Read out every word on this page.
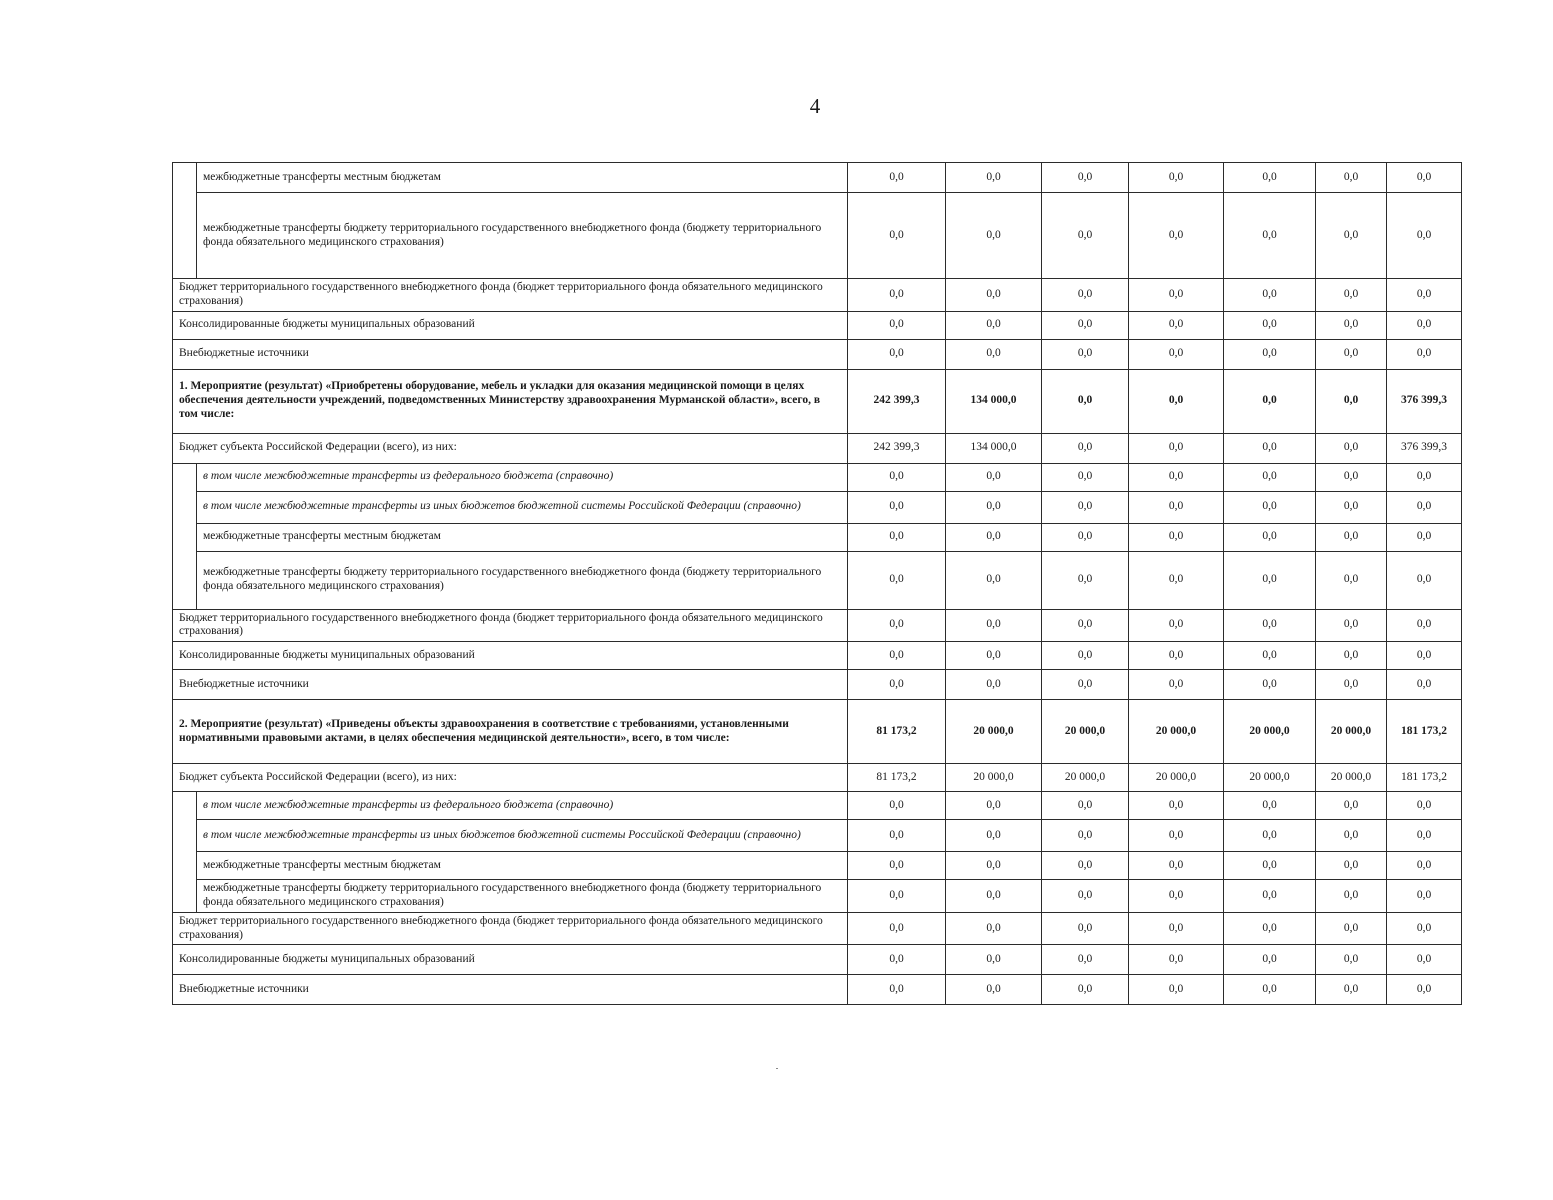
4
	межбюджетные трансферты местным бюджетам	0,0	0,0	0,0	0,0	0,0	0,0	0,0
	межбюджетные трансферты бюджету территориального государственного внебюджетного фонда (бюджету территориального фонда обязательного медицинского страхования)	0,0	0,0	0,0	0,0	0,0	0,0	0,0
Бюджет территориального государственного внебюджетного фонда (бюджет территориального фонда обязательного медицинского страхования)		0,0	0,0	0,0	0,0	0,0	0,0	0,0
Консолидированные бюджеты муниципальных образований		0,0	0,0	0,0	0,0	0,0	0,0	0,0
Внебюджетные источники		0,0	0,0	0,0	0,0	0,0	0,0	0,0
1. Мероприятие (результат) «Приобретены оборудование, мебель и укладки для оказания медицинской помощи в целях обеспечения деятельности учреждений, подведомственных Министерству здравоохранения Мурманской области», всего, в том числе:		242 399,3	134 000,0	0,0	0,0	0,0	0,0	376 399,3
Бюджет субъекта Российской Федерации (всего), из них:		242 399,3	134 000,0	0,0	0,0	0,0	0,0	376 399,3
	в том числе межбюджетные трансферты из федерального бюджета (справочно)	0,0	0,0	0,0	0,0	0,0	0,0	0,0
	в том числе межбюджетные трансферты из иных бюджетов бюджетной системы Российской Федерации (справочно)	0,0	0,0	0,0	0,0	0,0	0,0	0,0
	межбюджетные трансферты местным бюджетам	0,0	0,0	0,0	0,0	0,0	0,0	0,0
	межбюджетные трансферты бюджету территориального государственного внебюджетного фонда (бюджету территориального фонда обязательного медицинского страхования)	0,0	0,0	0,0	0,0	0,0	0,0	0,0
Бюджет территориального государственного внебюджетного фонда (бюджет территориального фонда обязательного медицинского страхования)		0,0	0,0	0,0	0,0	0,0	0,0	0,0
Консолидированные бюджеты муниципальных образований		0,0	0,0	0,0	0,0	0,0	0,0	0,0
Внебюджетные источники		0,0	0,0	0,0	0,0	0,0	0,0	0,0
2. Мероприятие (результат) «Приведены объекты здравоохранения в соответствие с требованиями, установленными нормативными правовыми актами, в целях обеспечения медицинской деятельности», всего, в том числе:		81 173,2	20 000,0	20 000,0	20 000,0	20 000,0	20 000,0	181 173,2
Бюджет субъекта Российской Федерации (всего), из них:		81 173,2	20 000,0	20 000,0	20 000,0	20 000,0	20 000,0	181 173,2
	в том числе межбюджетные трансферты из федерального бюджета (справочно)	0,0	0,0	0,0	0,0	0,0	0,0	0,0
	в том числе межбюджетные трансферты из иных бюджетов бюджетной системы Российской Федерации (справочно)	0,0	0,0	0,0	0,0	0,0	0,0	0,0
	межбюджетные трансферты местным бюджетам	0,0	0,0	0,0	0,0	0,0	0,0	0,0
	межбюджетные трансферты бюджету территориального государственного внебюджетного фонда (бюджету территориального фонда обязательного медицинского страхования)	0,0	0,0	0,0	0,0	0,0	0,0	0,0
Бюджет территориального государственного внебюджетного фонда (бюджет территориального фонда обязательного медицинского страхования)		0,0	0,0	0,0	0,0	0,0	0,0	0,0
Консолидированные бюджеты муниципальных образований		0,0	0,0	0,0	0,0	0,0	0,0	0,0
Внебюджетные источники		0,0	0,0	0,0	0,0	0,0	0,0	0,0
